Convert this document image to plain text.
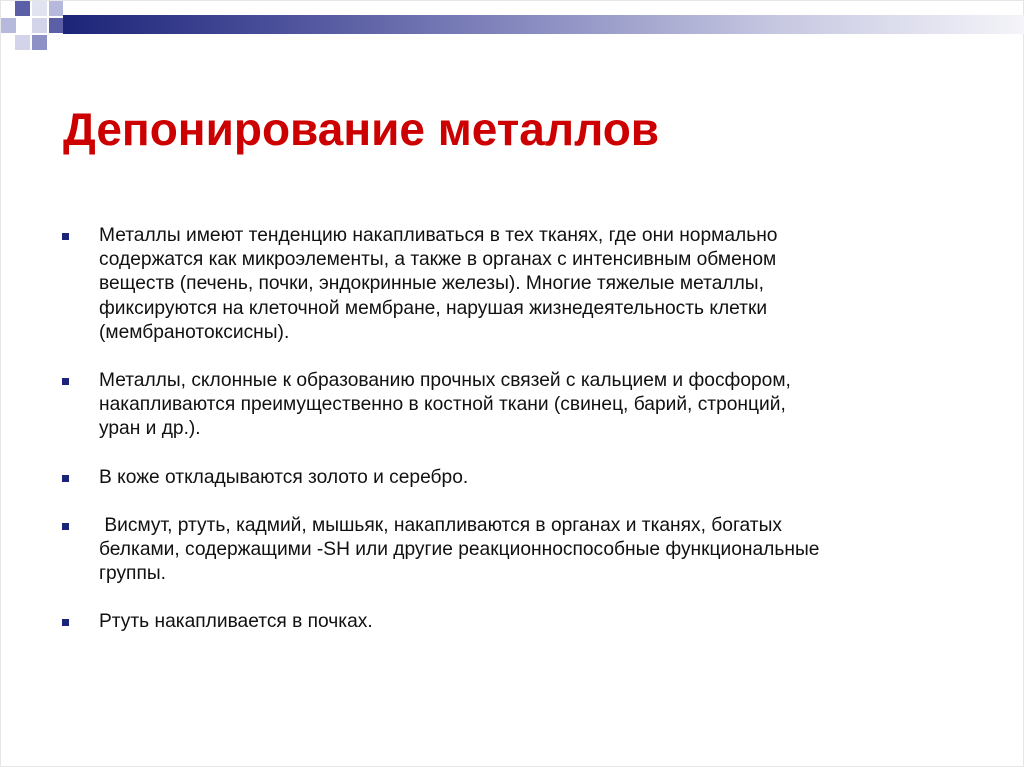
Депонирование металлов
Металлы имеют тенденцию накапливаться в тех тканях, где они нормально
содержатся как микроэлементы, а также в органах с интенсивным обменом
веществ (печень, почки, эндокринные железы). Многие тяжелые металлы,
фиксируются на клеточной мембране, нарушая жизнедеятельность клетки
(мембранотоксисны).
Металлы, склонные к образованию прочных связей с кальцием и фосфором,
накапливаются преимущественно в костной ткани (свинец, барий, стронций,
уран и др.).
В коже откладываются золото и серебро.
Висмут, ртуть, кадмий, мышьяк, накапливаются в органах и тканях, богатых
белками, содержащими -SH или другие реакционноспособные функциональные
группы.
Ртуть накапливается в почках.
